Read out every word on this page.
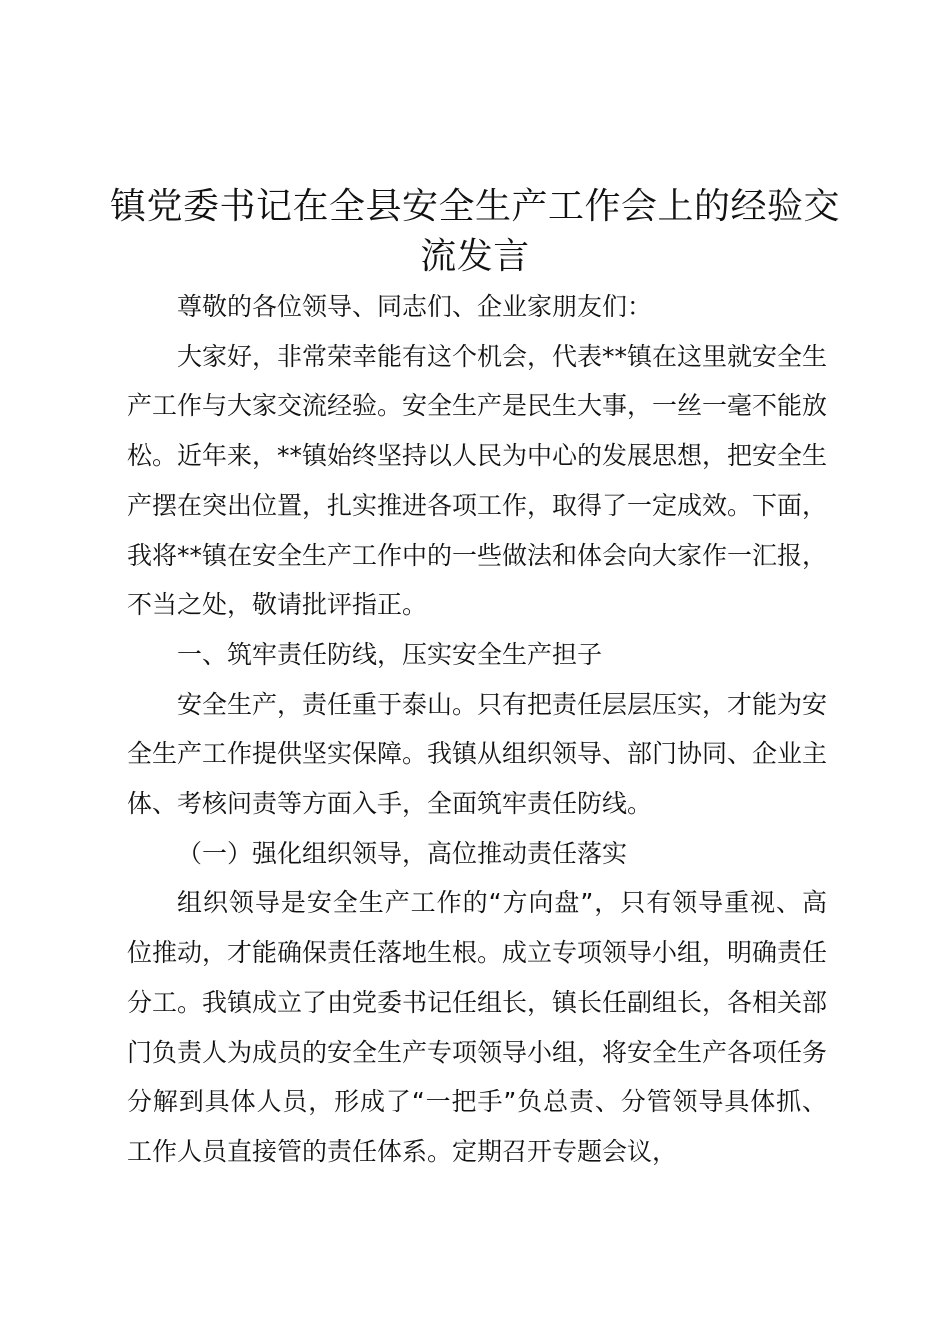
镇党委书记在全县安全生产工作会上的经验交
流发言

尊敬的各位领导、同志们、企业家朋友们：

大家好，非常荣幸能有这个机会，代表**镇在这里就安全生产工作与大家交流经验。安全生产是民生大事，一丝一毫不能放松。近年来，**镇始终坚持以人民为中心的发展思想，把安全生产摆在突出位置，扎实推进各项工作，取得了一定成效。下面，我将**镇在安全生产工作中的一些做法和体会向大家作一汇报，不当之处，敬请批评指正。

一、筑牢责任防线，压实安全生产担子

安全生产，责任重于泰山。只有把责任层层压实，才能为安全生产工作提供坚实保障。我镇从组织领导、部门协同、企业主体、考核问责等方面入手，全面筑牢责任防线。

（一）强化组织领导，高位推动责任落实

组织领导是安全生产工作的“方向盘”，只有领导重视、高位推动，才能确保责任落地生根。成立专项领导小组，明确责任分工。我镇成立了由党委书记任组长，镇长任副组长，各相关部门负责人为成员的安全生产专项领导小组，将安全生产各项任务分解到具体人员，形成了“一把手”负总责、分管领导具体抓、工作人员直接管的责任体系。定期召开专题会议，
